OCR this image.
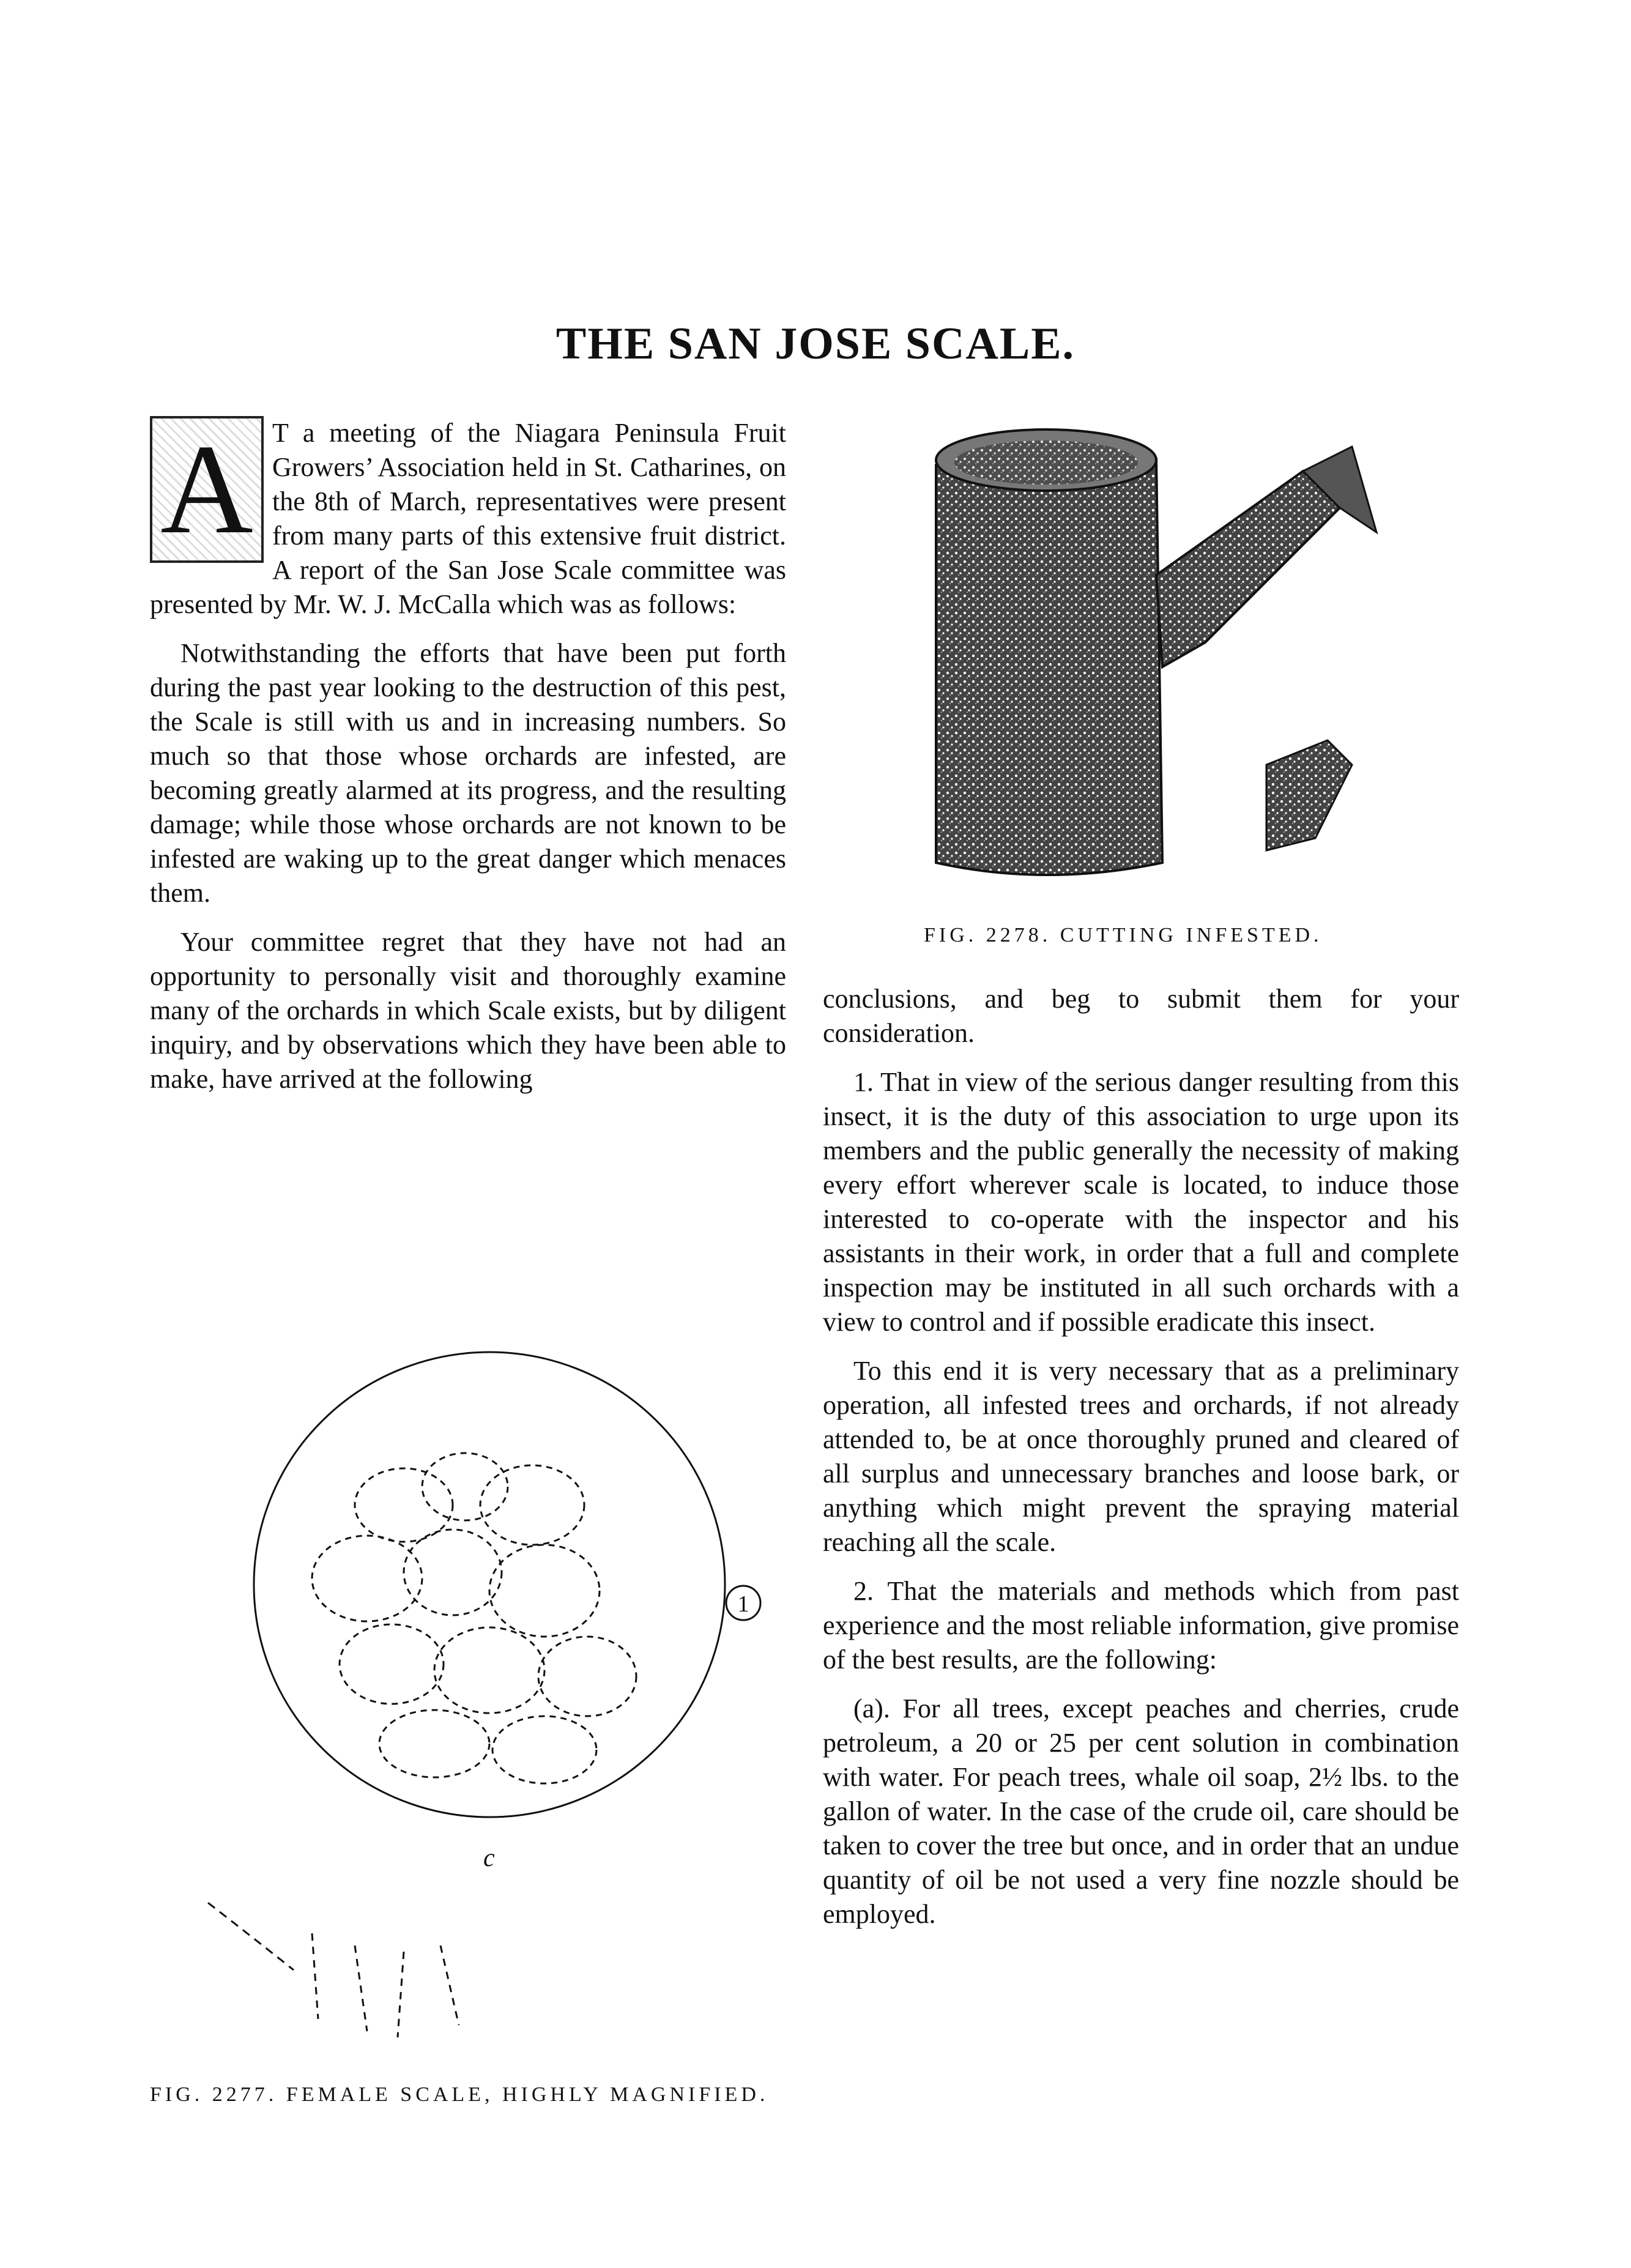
THE SAN JOSE SCALE.

A T a meeting of the Niagara Peninsula Fruit Growers’ Association held in St. Catharines, on the 8th of March, representatives were present from many parts of this extensive fruit district. A report of the San Jose Scale committee was presented by Mr. W. J. McCalla which was as follows:

Notwithstanding the efforts that have been put forth during the past year looking to the destruction of this pest, the Scale is still with us and in increasing numbers. So much so that those whose orchards are infested, are becoming greatly alarmed at its progress, and the resulting damage; while those whose orchards are not known to be infested are waking up to the great danger which menaces them.

Your committee regret that they have not had an opportunity to personally visit and thoroughly examine many of the orchards in which Scale exists, but by diligent inquiry, and by observations which they have been able to make, have arrived at the following

FIG. 2278. CUTTING INFESTED.
1
c
FIG. 2277. FEMALE SCALE, HIGHLY MAGNIFIED.

conclusions, and beg to submit them for your consideration.

1. That in view of the serious danger resulting from this insect, it is the duty of this association to urge upon its members and the public generally the necessity of making every effort wherever scale is located, to induce those interested to co-operate with the inspector and his assistants in their work, in order that a full and complete inspection may be instituted in all such orchards with a view to control and if possible eradicate this insect.

To this end it is very necessary that as a preliminary operation, all infested trees and orchards, if not already attended to, be at once thoroughly pruned and cleared of all surplus and unnecessary branches and loose bark, or anything which might prevent the spraying material reaching all the scale.

2. That the materials and methods which from past experience and the most reliable information, give promise of the best results, are the following:

(a). For all trees, except peaches and cherries, crude petroleum, a 20 or 25 per cent solution in combination with water. For peach trees, whale oil soap, 2½ lbs. to the gallon of water. In the case of the crude oil, care should be taken to cover the tree but once, and in order that an undue quantity of oil be not used a very fine nozzle should be employed.
